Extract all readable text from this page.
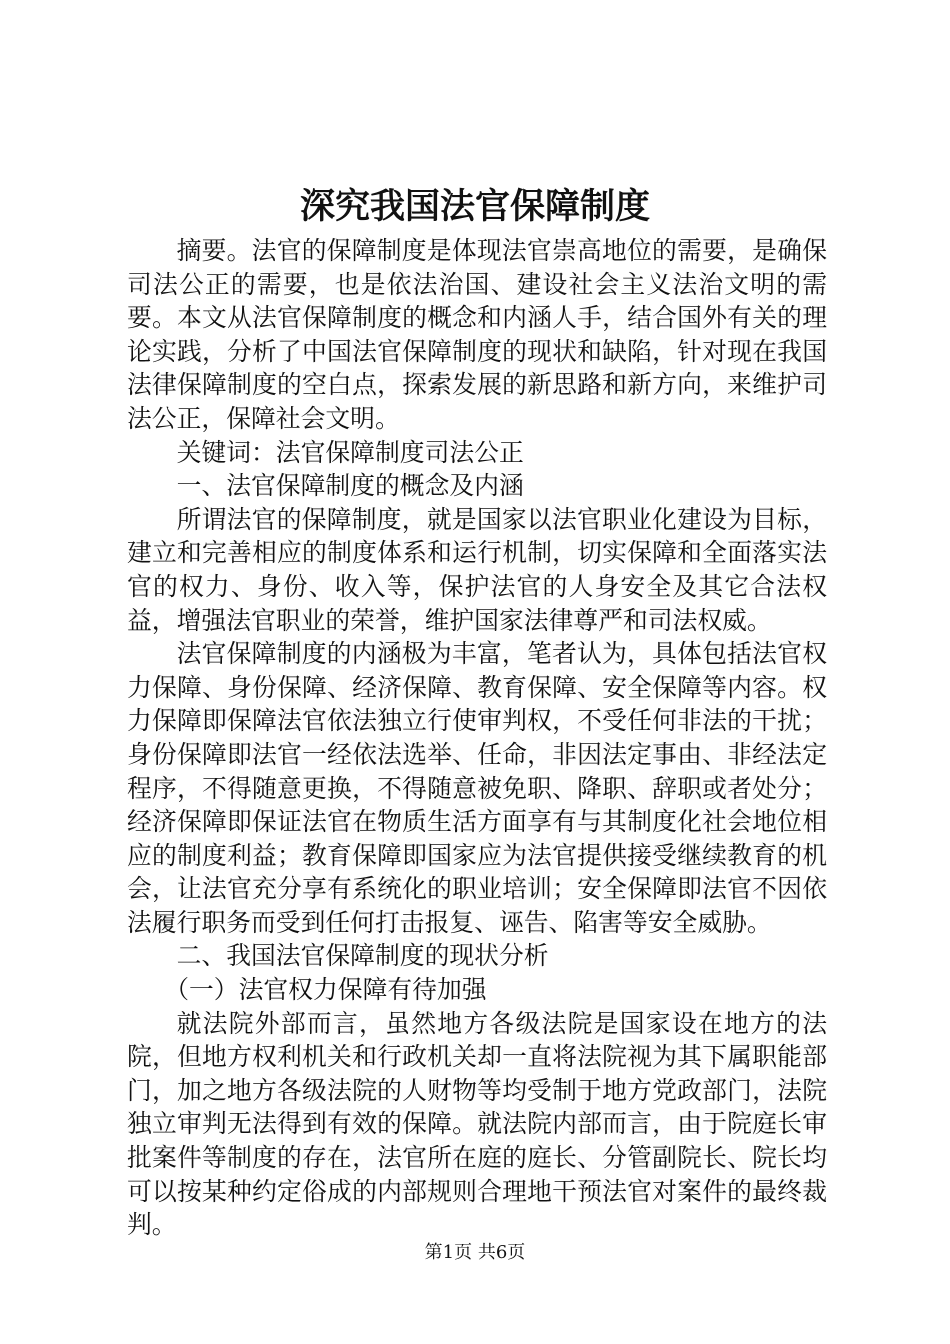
深究我国法官保障制度

摘要。法官的保障制度是体现法官崇高地位的需要，是确保司法公正的需要，也是依法治国、建设社会主义法治文明的需要。本文从法官保障制度的概念和内涵人手，结合国外有关的理论实践，分析了中国法官保障制度的现状和缺陷，针对现在我国法律保障制度的空白点，探索发展的新思路和新方向，来维护司法公正，保障社会文明。

关键词：法官保障制度司法公正

一、法官保障制度的概念及内涵

所谓法官的保障制度，就是国家以法官职业化建设为目标，建立和完善相应的制度体系和运行机制，切实保障和全面落实法官的权力、身份、收入等，保护法官的人身安全及其它合法权益，增强法官职业的荣誉，维护国家法律尊严和司法权威。

法官保障制度的内涵极为丰富，笔者认为，具体包括法官权力保障、身份保障、经济保障、教育保障、安全保障等内容。权力保障即保障法官依法独立行使审判权，不受任何非法的干扰；身份保障即法官一经依法选举、任命，非因法定事由、非经法定程序，不得随意更换，不得随意被免职、降职、辞职或者处分；经济保障即保证法官在物质生活方面享有与其制度化社会地位相应的制度利益；教育保障即国家应为法官提供接受继续教育的机会，让法官充分享有系统化的职业培训；安全保障即法官不因依法履行职务而受到任何打击报复、诬告、陷害等安全威胁。

二、我国法官保障制度的现状分析

（一）法官权力保障有待加强

就法院外部而言，虽然地方各级法院是国家设在地方的法院，但地方权利机关和行政机关却一直将法院视为其下属职能部门，加之地方各级法院的人财物等均受制于地方党政部门，法院独立审判无法得到有效的保障。就法院内部而言，由于院庭长审批案件等制度的存在，法官所在庭的庭长、分管副院长、院长均可以按某种约定俗成的内部规则合理地干预法官对案件的最终裁判。

第1页 共6页
